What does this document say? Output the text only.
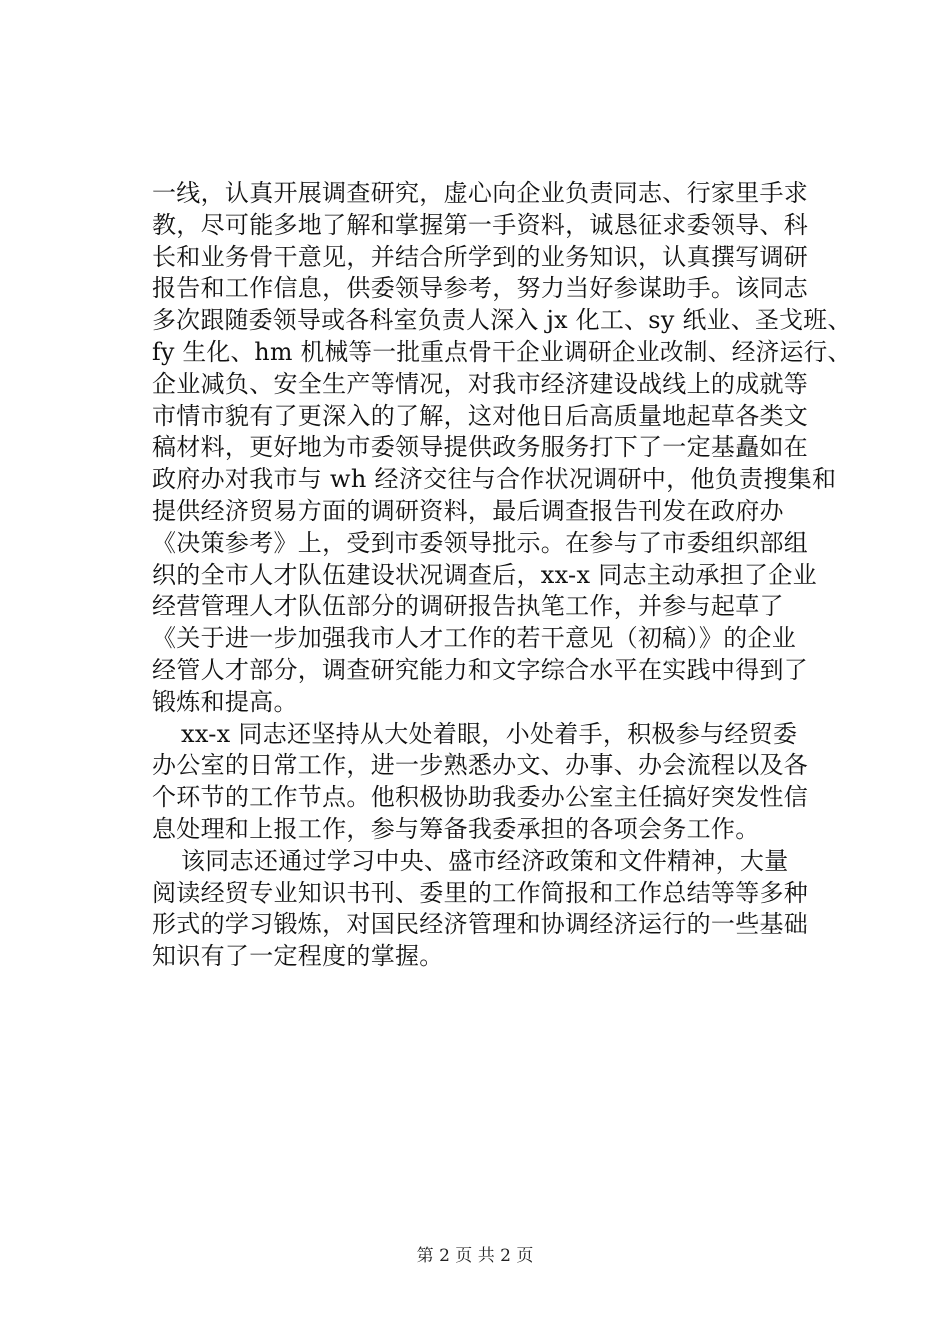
一线，认真开展调查研究，虚心向企业负责同志、行家里手求
教，尽可能多地了解和掌握第一手资料，诚恳征求委领导、科
长和业务骨干意见，并结合所学到的业务知识，认真撰写调研
报告和工作信息，供委领导参考，努力当好参谋助手。该同志
多次跟随委领导或各科室负责人深入 jx 化工、sy 纸业、圣戈班、
fy 生化、hm 机械等一批重点骨干企业调研企业改制、经济运行、
企业减负、安全生产等情况，对我市经济建设战线上的成就等
市情市貌有了更深入的了解，这对他日后高质量地起草各类文
稿材料，更好地为市委领导提供政务服务打下了一定基矗如在
政府办对我市与 wh 经济交往与合作状况调研中，他负责搜集和
提供经济贸易方面的调研资料，最后调查报告刊发在政府办
《决策参考》上，受到市委领导批示。在参与了市委组织部组
织的全市人才队伍建设状况调查后，xx-x 同志主动承担了企业
经营管理人才队伍部分的调研报告执笔工作，并参与起草了
《关于进一步加强我市人才工作的若干意见（初稿）》的企业
经管人才部分，调查研究能力和文字综合水平在实践中得到了
锻炼和提高。
xx-x 同志还坚持从大处着眼，小处着手，积极参与经贸委
办公室的日常工作，进一步熟悉办文、办事、办会流程以及各
个环节的工作节点。他积极协助我委办公室主任搞好突发性信
息处理和上报工作，参与筹备我委承担的各项会务工作。
该同志还通过学习中央、盛市经济政策和文件精神，大量
阅读经贸专业知识书刊、委里的工作简报和工作总结等等多种
形式的学习锻炼，对国民经济管理和协调经济运行的一些基础
知识有了一定程度的掌握。
第 2 页 共 2 页
